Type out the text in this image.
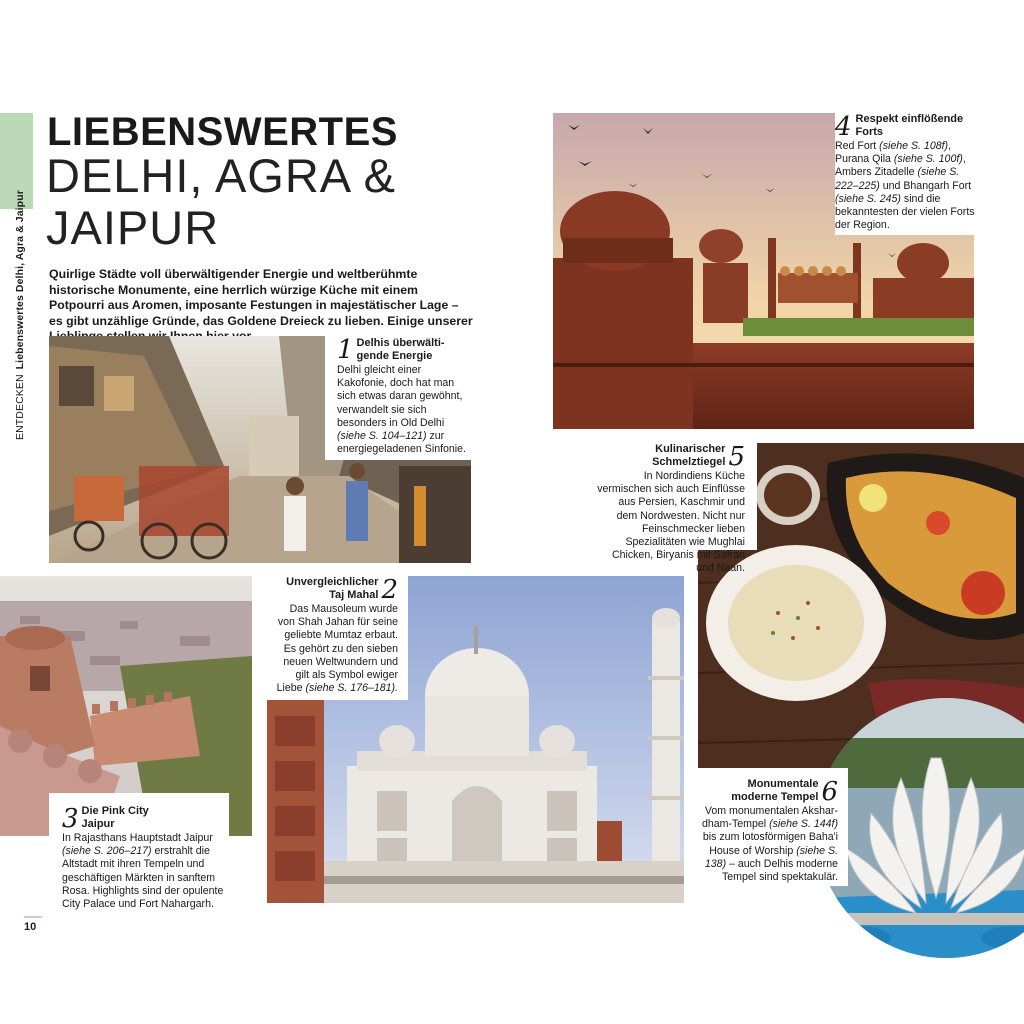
ENTDECKENLiebenswertes Delhi, Agra & Jaipur
LIEBENSWERTES
DELHI, AGRA & JAIPUR
Quirlige Städte voll überwältigender Energie und weltberühmte historische Monumente, eine herrlich würzige Küche mit einem Potpourri aus Aromen, imposante Festungen in majestätischer Lage – es gibt unzählige Gründe, das Goldene Dreieck zu lieben. Einige unserer
1 Delhis überwältigende Energie
Delhi gleicht einer Kakofonie, doch hat man sich etwas daran gewöhnt, verwandelt sie sich besonders in Old Delhi (siehe S. 104–121) zur energiegeladenen Sinfonie.
4 Respekt einflößende Forts
Red Fort (siehe S. 108f), Purana Qila (siehe S. 100f), Ambers Zitadelle (siehe S. 222–225) und Bhangarh Fort (siehe S. 245) sind die bekanntesten der vielen Forts der Region.
5
Kulinarischer Schmelztiegel
In Nordindiens Küche vermischen sich auch Einflüsse aus Persien, Kaschmir und dem Nordwesten. Nicht nur Feinschmecker lieben Spezialitäten wie Mughlai Chicken, Biryanis mit Safran und Naan.
3 Die Pink City Jaipur
In Rajasthans Hauptstadt Jaipur (siehe S. 206–217) erstrahlt die Altstadt mit ihren Tempeln und geschäftigen Märkten in sanftem Rosa. Highlights sind der opulente City Palace und Fort Nahargarh.
2
Unvergleichlicher Taj Mahal
Das Mausoleum wurde von Shah Jahan für seine geliebte Mumtaz erbaut. Es gehört zu den sieben neuen Weltwundern und gilt als Symbol ewiger Liebe (siehe S. 176–181).
6
Monumentale moderne Tempel
Vom monumentalen Akshardham-Tempel (siehe S. 144f) bis zum lotosförmigen Baha'i House of Worship (siehe S. 138) – auch Delhis moderne Tempel sind spektakulär.
10
